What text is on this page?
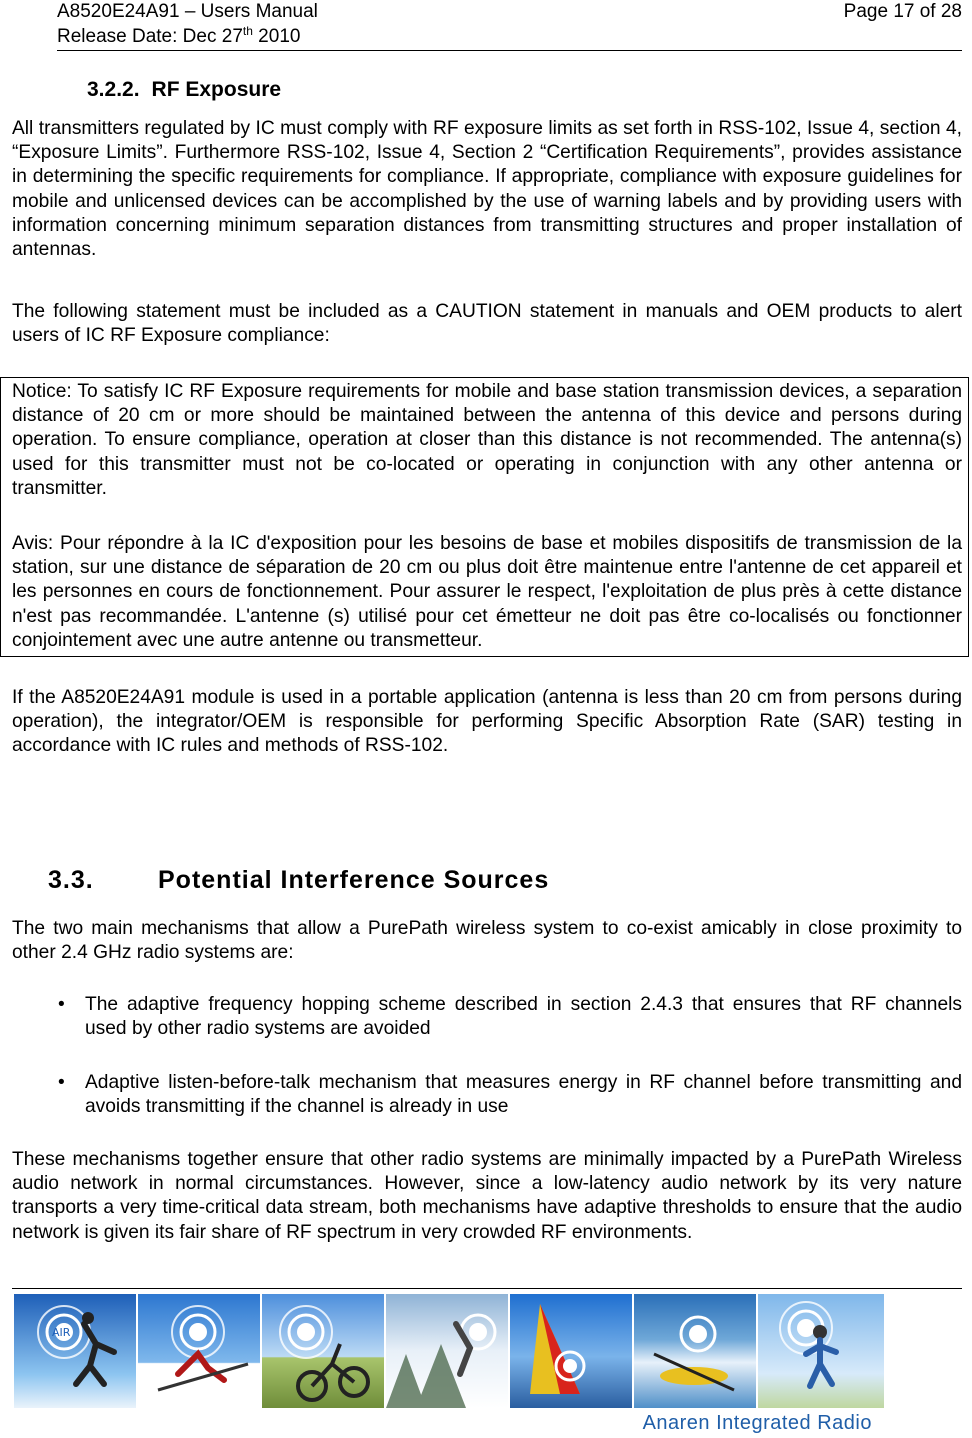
A8520E24A91 – Users Manual
Release Date: Dec 27th 2010
Page 17 of 28
3.2.2. RF Exposure
All transmitters regulated by IC must comply with RF exposure limits as set forth in RSS-102, Issue 4, section 4, “Exposure Limits”. Furthermore RSS-102, Issue 4, Section 2 “Certification Requirements”, provides assistance in determining the specific requirements for compliance. If appropriate, compliance with exposure guidelines for mobile and unlicensed devices can be accomplished by the use of warning labels and by providing users with information concerning minimum separation distances from transmitting structures and proper installation of antennas.
The following statement must be included as a CAUTION statement in manuals and OEM products to alert users of IC RF Exposure compliance:
Notice: To satisfy IC RF Exposure requirements for mobile and base station transmission devices, a separation distance of 20 cm or more should be maintained between the antenna of this device and persons during operation. To ensure compliance, operation at closer than this distance is not recommended. The antenna(s) used for this transmitter must not be co-located or operating in conjunction with any other antenna or transmitter.
Avis: Pour répondre à la IC d'exposition pour les besoins de base et mobiles dispositifs de transmission de la station, sur une distance de séparation de 20 cm ou plus doit être maintenue entre l'antenne de cet appareil et les personnes en cours de fonctionnement. Pour assurer le respect, l'exploitation de plus près à cette distance n'est pas recommandée. L'antenne (s) utilisé pour cet émetteur ne doit pas être co-localisés ou fonctionner conjointement avec une autre antenne ou transmetteur.
If the A8520E24A91 module is used in a portable application (antenna is less than 20 cm from persons during operation), the integrator/OEM is responsible for performing Specific Absorption Rate (SAR) testing in accordance with IC rules and methods of RSS-102.
3.3.	Potential Interference Sources
The two main mechanisms that allow a PurePath wireless system to co-exist amicably in close proximity to other 2.4 GHz radio systems are:
• The adaptive frequency hopping scheme described in section 2.4.3 that ensures that RF channels used by other radio systems are avoided
• Adaptive listen-before-talk mechanism that measures energy in RF channel before transmitting and avoids transmitting if the channel is already in use
These mechanisms together ensure that other radio systems are minimally impacted by a PurePath Wireless audio network in normal circumstances. However, since a low-latency audio network by its very nature transports a very time-critical data stream, both mechanisms have adaptive thresholds to ensure that the audio network is given its fair share of RF spectrum in very crowded RF environments.
AIR
Anaren Integrated Radio
